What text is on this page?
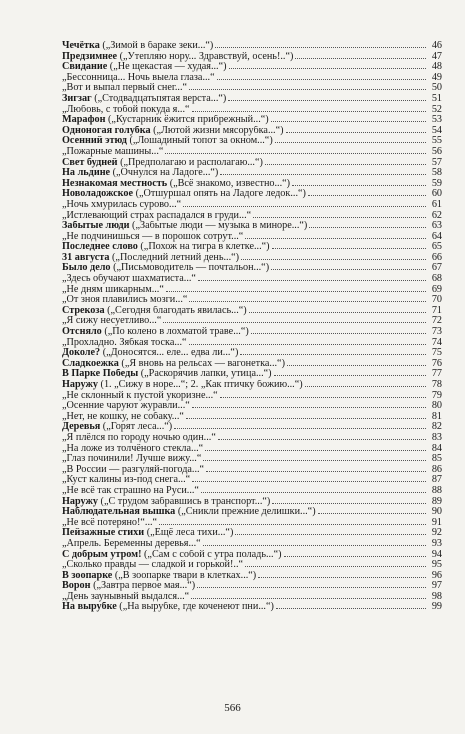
Чечётка („Зимой в бараке зеки...“)	46
Предзимнее („Утепляю нору... Здравствуй, осень!..“)	47
Свидание („Не щекастая — худая...“)	48
„Бессонница... Ночь выела глаза...“	49
„Вот и выпал первый снег...“	50
Зигзаг („Стодвадцатьпятая верста...“)	51
„Любовь, с тобой покуда я...“	52
Марафон („Кустарник ёжится прибрежный...“)	53
Одноногая голубка („Лютой жизни мясорубка...“)	54
Осенний этюд („Лошадиный топот за окном...“)	55
„Пожарные машины...“	56
Свет будней („Предполагаю и располагаю...“)	57
На льдине („Очнулся на Ладоге...“)	58
Незнакомая местность („Всё знакомо, известно...“)	59
Новоладожское („Отшуршал опять на Ладоге ледок...“)	60
„Ночь хмурилась сурово...“	61
„Истлевающий страх распадался в груди...“	62
Забытые люди („Забытые люди — музыка в миноре...“)	63
„Не подчинишься — в порошок сотрут...“	64
Последнее слово („Похож на тигра в клетке...“)	65
31 августа („Последний летний день...“)	66
Было дело („Письмоводитель — почтальон...“)	67
„Здесь обучают шахматиста...“	68
„Не дням шикарным...“	69
„От зноя плавились мозги...“	70
Стрекоза („Сегодня благодать явилась...“)	71
„Я сижу несуетливо...“	72
Отсняло („По колено в лохматой траве...“)	73
„Прохладно. Зябкая тоска...“	74
Доколе? („Доносятся... еле... едва ли...“)	75
Сладкоежка („Я вновь на рельсах — вагонетка...“)	76
В Парке Победы („Раскорячив лапки, утица...“)	77
Наружу (1. „Сижу в норе...“; 2. „Как птичку божию...“)	78
„Не склонный к пустой укоризне...“	79
„Осенние чаруют журавли...“	80
„Нет, не кошку, не собаку...“	81
Деревья („Горят леса...“)	82
„Я плёлся по городу ночью один...“	83
„На ложе из толчёного стекла...“	84
„Глаз починили! Лучше вижу...“	85
„В России — разгуляй-погода...“	86
„Куст калины из-под снега...“	87
„Не всё так страшно на Руси...“	88
Наружу („С трудом забравшись в транспорт...“)	89
Наблюдательная вышка („Сникли прежние делишки...“)	90
„Не всё потеряно!“...“	91
Пейзажные стихи („Ещё леса тихи...“)	92
„Апрель. Беременны деревья...“	93
С добрым утром! („Сам с собой с утра поладь...“)	94
„Сколько правды — сладкой и горькой!..“	95
В зоопарке („В зоопарке твари в клетках...“)	96
Ворон („Завтра первое мая...“)	97
„День заунывный выдался...“	98
На вырубке („На вырубке, где коченеют пни...“)	99
566
